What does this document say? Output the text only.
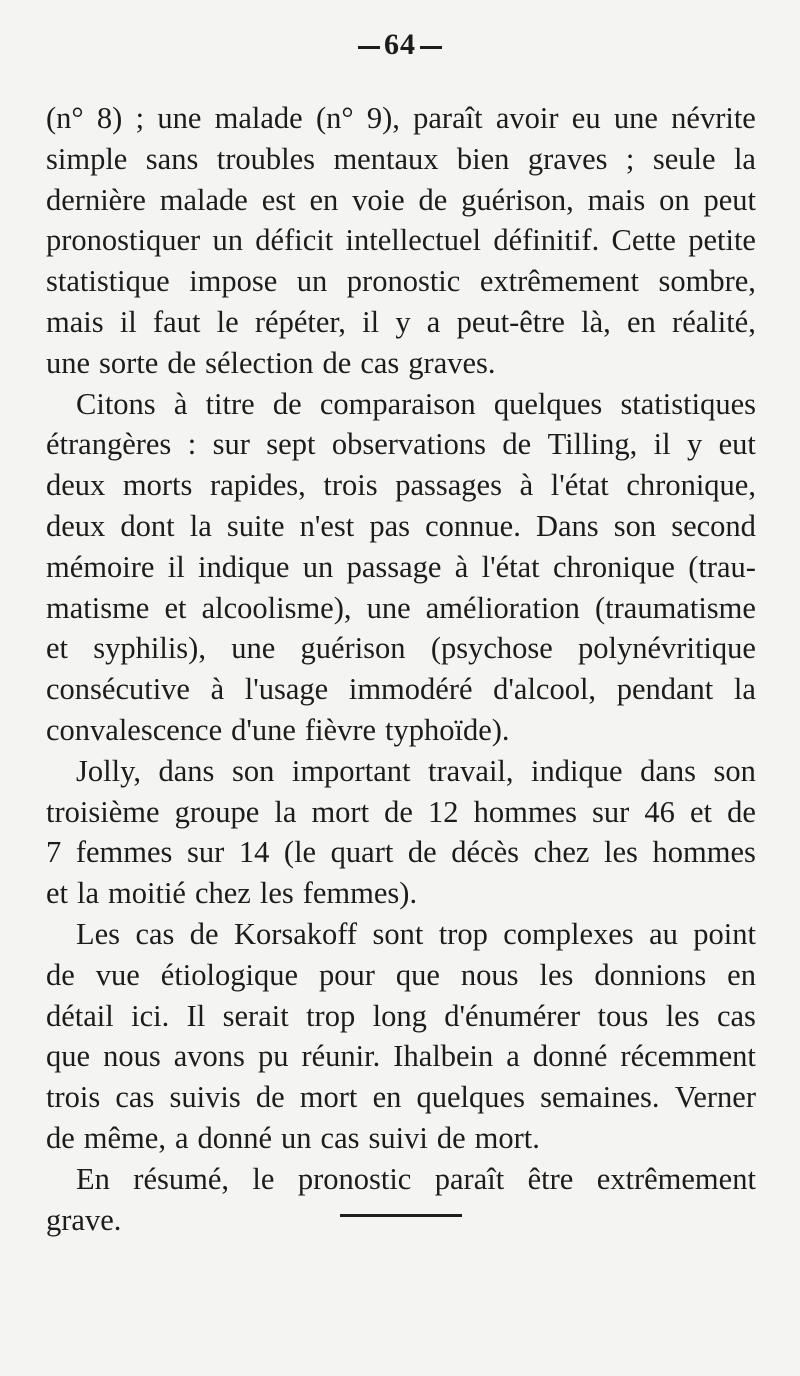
64
(n° 8) ; une malade (n° 9), paraît avoir eu une névrite
simple sans troubles mentaux bien graves ; seule la
dernière malade est en voie de guérison, mais on peut
pronostiquer un déficit intellectuel définitif. Cette petite
statistique impose un pronostic extrêmement sombre,
mais il faut le répéter, il y a peut-être là, en réalité,
une sorte de sélection de cas graves.
Citons à titre de comparaison quelques statistiques
étrangères : sur sept observations de Tilling, il y eut
deux morts rapides, trois passages à l'état chronique,
deux dont la suite n'est pas connue. Dans son second
mémoire il indique un passage à l'état chronique (trau-
matisme et alcoolisme), une amélioration (traumatisme
et syphilis), une guérison (psychose polynévritique
consécutive à l'usage immodéré d'alcool, pendant la
convalescence d'une fièvre typhoïde).
Jolly, dans son important travail, indique dans son
troisième groupe la mort de 12 hommes sur 46 et de
7 femmes sur 14 (le quart de décès chez les hommes
et la moitié chez les femmes).
Les cas de Korsakoff sont trop complexes au point
de vue étiologique pour que nous les donnions en
détail ici. Il serait trop long d'énumérer tous les cas
que nous avons pu réunir. Ihalbein a donné récemment
trois cas suivis de mort en quelques semaines. Verner
de même, a donné un cas suivi de mort.
En résumé, le pronostic paraît être extrêmement
grave.
